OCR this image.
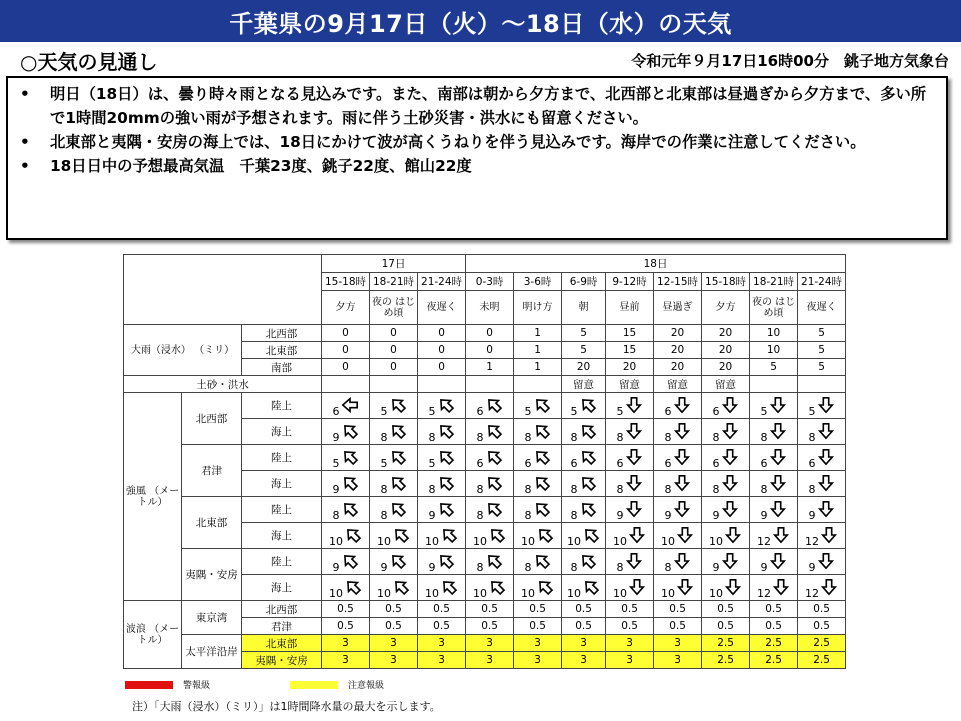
千葉県の9月17日（火）〜18日（水）の天気
○天気の見通し	令和元年９月17日16時00分　銚子地方気象台
•	明日（18日）は、曇り時々雨となる見込みです。また、南部は朝から夕方まで、北西部と北東部は昼過ぎから夕方まで、多い所で1時間20mmの強い雨が予想されます。雨に伴う土砂災害・洪水にも留意ください。
•	北東部と夷隅・安房の海上では、18日にかけて波が高くうねりを伴う見込みです。海岸での作業に注意してください。
•	18日日中の予想最高気温　千葉23度、銚子22度、館山22度
			17日			18日							
			15-18時	18-21時	21-24時	0-3時	3-6時	6-9時	9-12時	12-15時	15-18時	18-21時	21-24時
			夕方	夜の はじめ頃	夜遅く	未明	明け方	朝	昼前	昼過ぎ	夕方	夜の はじめ頃	夜遅く
大雨（浸水） （ミリ）		北西部	0	0	0	0	1	5	15	20	20	10	5
		北東部	0	0	0	0	1	5	15	20	20	10	5
		南部	0	0	0	1	1	20	20	20	20	5	5
土砂・洪水								留意	留意	留意	留意		
強風 （メートル）	北西部	陸上	6	5	5	6	5	5	5	6	6	5	5

		海上	9	8	8	8	8	8	8	8	8	8	8

	君津	陸上	5	5	5	6	6	6	6	6	6	6	6

		海上	9	8	8	8	8	8	8	8	8	8	8

	北東部	陸上	8	8	9	8	8	8	9	9	9	9	9

		海上	10	10	10	10	10	10	10	10	10	12	12

	夷隅・安房	陸上	9	9	9	8	8	8	8	8	9	9	9

		海上	10	10	10	10	10	10	10	10	10	12	12

波浪 （メートル）	東京湾	北西部	0.5	0.5	0.5	0.5	0.5	0.5	0.5	0.5	0.5	0.5	0.5
		君津	0.5	0.5	0.5	0.5	0.5	0.5	0.5	0.5	0.5	0.5	0.5
	太平洋沿岸	北東部	3	3	3	3	3	3	3	3	2.5	2.5	2.5
		夷隅・安房	3	3	3	3	3	3	3	3	2.5	2.5	2.5
警報級	注意報級
注）「大雨（浸水）（ミリ）」は1時間降水量の最大を示します。
